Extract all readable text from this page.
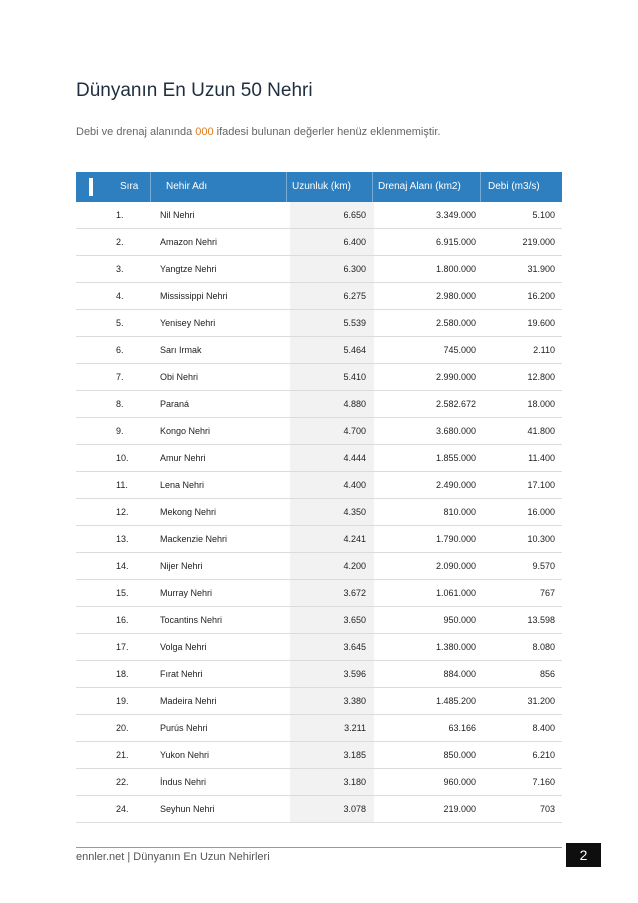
Dünyanın En Uzun 50 Nehri
Debi ve drenaj alanında 000 ifadesi bulunan değerler henüz eklenmemiştir.
Sıra	Nehir Adı	Uzunluk (km)	Drenaj Alanı (km2)	Debi (m3/s)
1.	Nil Nehri	6.650	3.349.000	5.100
2.	Amazon Nehri	6.400	6.915.000	219.000
3.	Yangtze Nehri	6.300	1.800.000	31.900
4.	Mississippi Nehri	6.275	2.980.000	16.200
5.	Yenisey Nehri	5.539	2.580.000	19.600
6.	Sarı Irmak	5.464	745.000	2.110
7.	Obi Nehri	5.410	2.990.000	12.800
8.	Paraná	4.880	2.582.672	18.000
9.	Kongo Nehri	4.700	3.680.000	41.800
10.	Amur Nehri	4.444	1.855.000	11.400
11.	Lena Nehri	4.400	2.490.000	17.100
12.	Mekong Nehri	4.350	810.000	16.000
13.	Mackenzie Nehri	4.241	1.790.000	10.300
14.	Nijer Nehri	4.200	2.090.000	9.570
15.	Murray Nehri	3.672	1.061.000	767
16.	Tocantins Nehri	3.650	950.000	13.598
17.	Volga Nehri	3.645	1.380.000	8.080
18.	Fırat Nehri	3.596	884.000	856
19.	Madeira Nehri	3.380	1.485.200	31.200
20.	Purús Nehri	3.211	63.166	8.400
21.	Yukon Nehri	3.185	850.000	6.210
22.	İndus Nehri	3.180	960.000	7.160
24.	Seyhun Nehri	3.078	219.000	703
ennler.net | Dünyanın En Uzun Nehirleri	2
